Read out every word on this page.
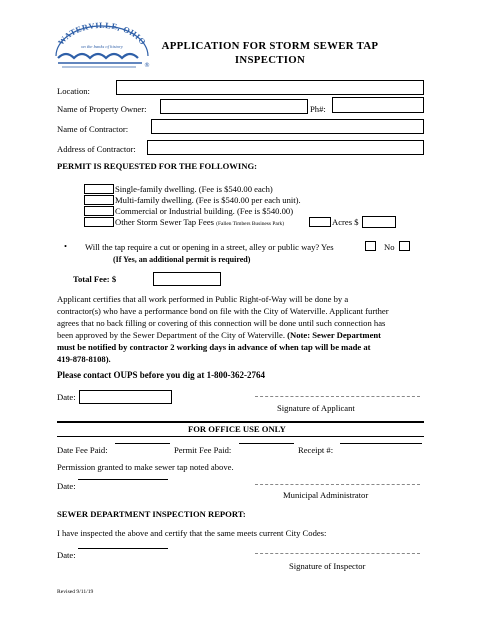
WATERVILLE, OHIO
on the banks of history
®
APPLICATION FOR STORM SEWER TAP
INSPECTION
Location:
Name of Property Owner:	Ph#:
Name of Contractor:
Address of Contractor:
PERMIT IS REQUESTED FOR THE FOLLOWING:
Single-family dwelling. (Fee is $540.00 each)
Multi-family dwelling. (Fee is $540.00 per each unit).
Commercial or Industrial building. (Fee is $540.00)
Other Storm Sewer Tap Fees (Fallen Timbers Business Park)	Acres $
• Will the tap require a cut or opening in a street, alley or public way? Yes	No
(If Yes, an additional permit is required)
Total Fee: $
Applicant certifies that all work performed in Public Right-of-Way will be done by a
contractor(s) who have a performance bond on file with the City of Waterville. Applicant further
agrees that no back filling or covering of this connection will be done until such connection has
been approved by the Sewer Department of the City of Waterville. (Note: Sewer Department
must be notified by contractor 2 working days in advance of when tap will be made at
419-878-8108).
Please contact OUPS before you dig at 1-800-362-2764
Date:
Signature of Applicant
FOR OFFICE USE ONLY
Date Fee Paid:	Permit Fee Paid:	Receipt #:
Permission granted to make sewer tap noted above.
Date:
Municipal Administrator
SEWER DEPARTMENT INSPECTION REPORT:
I have inspected the above and certify that the same meets current City Codes:
Date:
Signature of Inspector
Revised 9/11/19
